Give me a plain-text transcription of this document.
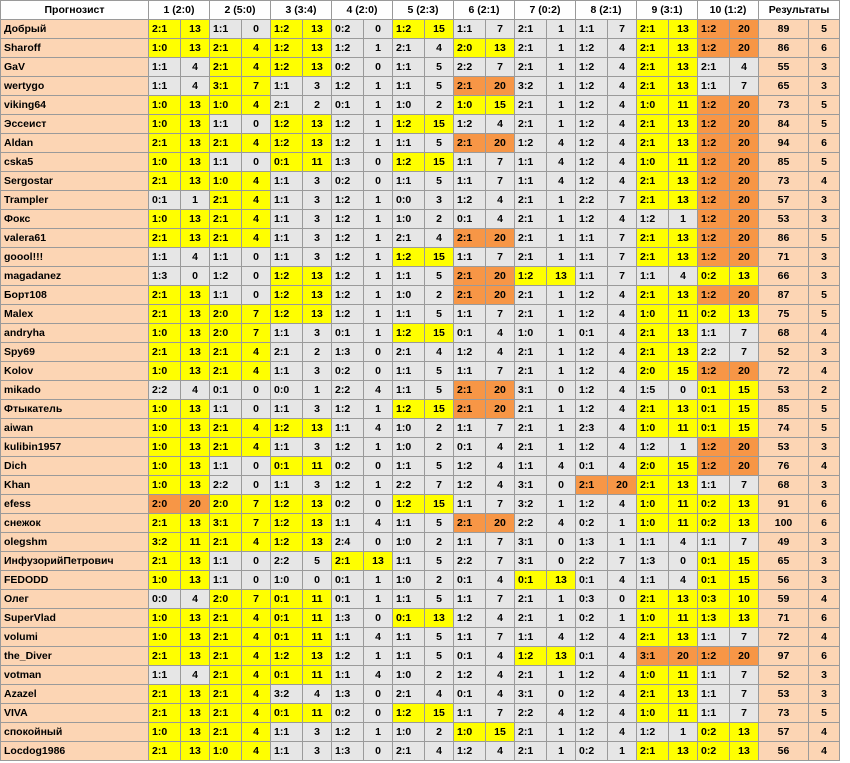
Прогнозист	1 (2:0)		2 (5:0)		3 (3:4)		4 (2:0)		5 (2:3)		6 (2:1)		7 (0:2)		8 (2:1)		9 (3:1)		10 (1:2)		Результаты	
Добрый	2:1	13	1:1	0	1:2	13	0:2	0	1:2	15	1:1	7	2:1	1	1:1	7	2:1	13	1:2	20	89	5
Sharoff	1:0	13	2:1	4	1:2	13	1:2	1	2:1	4	2:0	13	2:1	1	1:2	4	2:1	13	1:2	20	86	6
GaV	1:1	4	2:1	4	1:2	13	0:2	0	1:1	5	2:2	7	2:1	1	1:2	4	2:1	13	2:1	4	55	3
wertygo	1:1	4	3:1	7	1:1	3	1:2	1	1:1	5	2:1	20	3:2	1	1:2	4	2:1	13	1:1	7	65	3
viking64	1:0	13	1:0	4	2:1	2	0:1	1	1:0	2	1:0	15	2:1	1	1:2	4	1:0	11	1:2	20	73	5
Эссеист	1:0	13	1:1	0	1:2	13	1:2	1	1:2	15	1:2	4	2:1	1	1:2	4	2:1	13	1:2	20	84	5
Aldan	2:1	13	2:1	4	1:2	13	1:2	1	1:1	5	2:1	20	1:2	4	1:2	4	2:1	13	1:2	20	94	6
cska5	1:0	13	1:1	0	0:1	11	1:3	0	1:2	15	1:1	7	1:1	4	1:2	4	1:0	11	1:2	20	85	5
Sergostar	2:1	13	1:0	4	1:1	3	0:2	0	1:1	5	1:1	7	1:1	4	1:2	4	2:1	13	1:2	20	73	4
Trampler	0:1	1	2:1	4	1:1	3	1:2	1	0:0	3	1:2	4	2:1	1	2:2	7	2:1	13	1:2	20	57	3
Фокс	1:0	13	2:1	4	1:1	3	1:2	1	1:0	2	0:1	4	2:1	1	1:2	4	1:2	1	1:2	20	53	3
valera61	2:1	13	2:1	4	1:1	3	1:2	1	2:1	4	2:1	20	2:1	1	1:1	7	2:1	13	1:2	20	86	5
goool!!!	1:1	4	1:1	0	1:1	3	1:2	1	1:2	15	1:1	7	2:1	1	1:1	7	2:1	13	1:2	20	71	3
magadanez	1:3	0	1:2	0	1:2	13	1:2	1	1:1	5	2:1	20	1:2	13	1:1	7	1:1	4	0:2	13	66	3
Борт108	2:1	13	1:1	0	1:2	13	1:2	1	1:0	2	2:1	20	2:1	1	1:2	4	2:1	13	1:2	20	87	5
Malex	2:1	13	2:0	7	1:2	13	1:2	1	1:1	5	1:1	7	2:1	1	1:2	4	1:0	11	0:2	13	75	5
andryha	1:0	13	2:0	7	1:1	3	0:1	1	1:2	15	0:1	4	1:0	1	0:1	4	2:1	13	1:1	7	68	4
Spy69	2:1	13	2:1	4	2:1	2	1:3	0	2:1	4	1:2	4	2:1	1	1:2	4	2:1	13	2:2	7	52	3
Kolov	1:0	13	2:1	4	1:1	3	0:2	0	1:1	5	1:1	7	2:1	1	1:2	4	2:0	15	1:2	20	72	4
mikado	2:2	4	0:1	0	0:0	1	2:2	4	1:1	5	2:1	20	3:1	0	1:2	4	1:5	0	0:1	15	53	2
Фтыкатель	1:0	13	1:1	0	1:1	3	1:2	1	1:2	15	2:1	20	2:1	1	1:2	4	2:1	13	0:1	15	85	5
aiwan	1:0	13	2:1	4	1:2	13	1:1	4	1:0	2	1:1	7	2:1	1	2:3	4	1:0	11	0:1	15	74	5
kulibin1957	1:0	13	2:1	4	1:1	3	1:2	1	1:0	2	0:1	4	2:1	1	1:2	4	1:2	1	1:2	20	53	3
Dich	1:0	13	1:1	0	0:1	11	0:2	0	1:1	5	1:2	4	1:1	4	0:1	4	2:0	15	1:2	20	76	4
Khan	1:0	13	2:2	0	1:1	3	1:2	1	2:2	7	1:2	4	3:1	0	2:1	20	2:1	13	1:1	7	68	3
efess	2:0	20	2:0	7	1:2	13	0:2	0	1:2	15	1:1	7	3:2	1	1:2	4	1:0	11	0:2	13	91	6
снежок	2:1	13	3:1	7	1:2	13	1:1	4	1:1	5	2:1	20	2:2	4	0:2	1	1:0	11	0:2	13	100	6
olegshm	3:2	11	2:1	4	1:2	13	2:4	0	1:0	2	1:1	7	3:1	0	1:3	1	1:1	4	1:1	7	49	3
ИнфузорийПетрович	2:1	13	1:1	0	2:2	5	2:1	13	1:1	5	2:2	7	3:1	0	2:2	7	1:3	0	0:1	15	65	3
FEDODD	1:0	13	1:1	0	1:0	0	0:1	1	1:0	2	0:1	4	0:1	13	0:1	4	1:1	4	0:1	15	56	3
Олег	0:0	4	2:0	7	0:1	11	0:1	1	1:1	5	1:1	7	2:1	1	0:3	0	2:1	13	0:3	10	59	4
SuperVlad	1:0	13	2:1	4	0:1	11	1:3	0	0:1	13	1:2	4	2:1	1	0:2	1	1:0	11	1:3	13	71	6
volumi	1:0	13	2:1	4	0:1	11	1:1	4	1:1	5	1:1	7	1:1	4	1:2	4	2:1	13	1:1	7	72	4
the_Diver	2:1	13	2:1	4	1:2	13	1:2	1	1:1	5	0:1	4	1:2	13	0:1	4	3:1	20	1:2	20	97	6
votman	1:1	4	2:1	4	0:1	11	1:1	4	1:0	2	1:2	4	2:1	1	1:2	4	1:0	11	1:1	7	52	3
Azazel	2:1	13	2:1	4	3:2	4	1:3	0	2:1	4	0:1	4	3:1	0	1:2	4	2:1	13	1:1	7	53	3
VIVA	2:1	13	2:1	4	0:1	11	0:2	0	1:2	15	1:1	7	2:2	4	1:2	4	1:0	11	1:1	7	73	5
спокойный	1:0	13	2:1	4	1:1	3	1:2	1	1:0	2	1:0	15	2:1	1	1:2	4	1:2	1	0:2	13	57	4
Locdog1986	2:1	13	1:0	4	1:1	3	1:3	0	2:1	4	1:2	4	2:1	1	0:2	1	2:1	13	0:2	13	56	4
